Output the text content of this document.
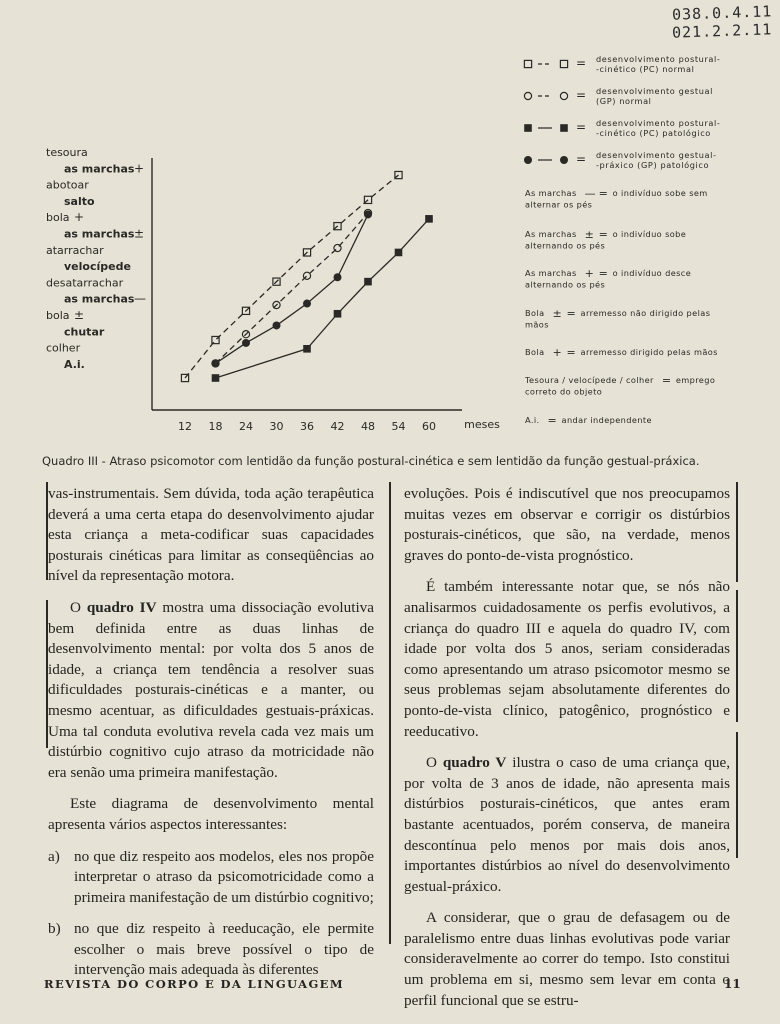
038.0.4.11
021.2.2.11
12 18 24 30 36 42 48 54 60	meses
tesoura
as marchas +
abotoar
salto
bola +
as marchas ±
atarrachar
velocípede
desatarrachar
as marchas —
bola ±
chutar
colher
A.i.
= desenvolvimento postural-
-cinético (PC) normal
= desenvolvimento gestual
(GP) normal
= desenvolvimento postural-
-cinético (PC) patológico
= desenvolvimento gestual-
-práxico (GP) patológico
As marchas — = o indivíduo sobe sem
alternar os pés
As marchas ± = o indivíduo sobe
alternando os pés
As marchas + = o indivíduo desce
alternando os pés
Bola ± = arremesso não dirigido pelas
mãos
Bola + = arremesso dirigido pelas mãos
Tesoura / velocípede / colher = emprego
correto do objeto
A.i. = andar independente
Quadro III - Atraso psicomotor com lentidão da função postural-cinética e sem lentidão da função gestual-práxica.

vas-instrumentais. Sem dúvida, toda ação terapêutica deverá a uma certa etapa do desenvolvimento ajudar esta criança a meta-codificar suas capacidades posturais cinéticas para limitar as conseqüências ao nível da representação motora.

O quadro IV mostra uma dissociação evolutiva bem definida entre as duas linhas de desenvolvimento mental: por volta dos 5 anos de idade, a criança tem tendência a resolver suas dificuldades posturais-cinéticas e a manter, ou mesmo acentuar, as dificuldades gestuais-práxicas. Uma tal conduta evolutiva revela cada vez mais um distúrbio cognitivo cujo atraso da motricidade não era senão uma primeira manifestação.

Este diagrama de desenvolvimento mental apresenta vários aspectos interessantes:

a) no que diz respeito aos modelos, eles nos propõe interpretar o atraso da psicomotricidade como a primeira manifestação de um distúrbio cognitivo;
b) no que diz respeito à reeducação, ele permite escolher o mais breve possível o tipo de intervenção mais adequada às diferentes

evoluções. Pois é indiscutível que nos preocupamos muitas vezes em observar e corrigir os distúrbios posturais-cinéticos, que são, na verdade, menos graves do ponto-de-vista prognóstico.

É também interessante notar que, se nós não analisarmos cuidadosamente os perfis evolutivos, a criança do quadro III e aquela do quadro IV, com idade por volta dos 5 anos, seriam consideradas como apresentando um atraso psicomotor mesmo se seus problemas sejam absolutamente diferentes do ponto-de-vista clínico, patogênico, prognóstico e reeducativo.

O quadro V ilustra o caso de uma criança que, por volta de 3 anos de idade, não apresenta mais distúrbios posturais-cinéticos, que antes eram bastante acentuados, porém conserva, de maneira descontínua pelo menos por mais dois anos, importantes distúrbios ao nível do desenvolvimento gestual-práxico.

A considerar, que o grau de defasagem ou de paralelismo entre duas linhas evolutivas pode variar consideravelmente ao correr do tempo. Isto constitui um problema em si, mesmo sem levar em conta o perfil funcional que se estru-

REVISTA DO CORPO E DA LINGUAGEM	11
